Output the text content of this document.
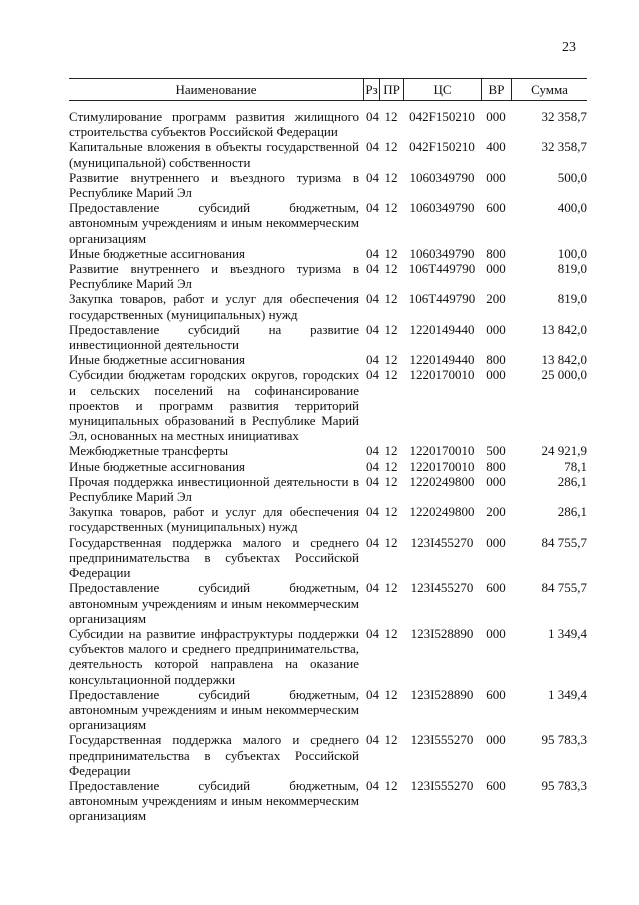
23
Наименование	Рз ПР	ЦС	ВР	Сумма
Стимулирование программ развития жилищного строительства субъектов Российской Федерации
04 12 042F150210 000	32 358,7
Капитальные вложения в объекты государственной (муниципальной) собственности
04 12 042F150210 400	32 358,7
Развитие внутреннего и въездного туризма в Республике Марий Эл
04 12 1060349790 000	500,0
Предоставление субсидий бюджетным, автономным учреждениям и иным некоммерческим организациям
04 12 1060349790 600	400,0
Иные бюджетные ассигнования	04 12 1060349790 800	100,0
Развитие внутреннего и въездного туризма в Республике Марий Эл
04 12 106Т449790 000	819,0
Закупка товаров, работ и услуг для обеспечения государственных (муниципальных) нужд
04 12 106Т449790 200	819,0
Предоставление субсидий на развитие инвестиционной деятельности
04 12 1220149440 000	13 842,0
Иные бюджетные ассигнования	04 12 1220149440 800	13 842,0
Субсидии бюджетам городских округов, городских и сельских поселений на софинансирование проектов и программ развития территорий муниципальных образований в Республике Марий Эл, основанных на местных инициативах
04 12 1220170010 000	25 000,0
Межбюджетные трансферты	04 12 1220170010 500	24 921,9
Иные бюджетные ассигнования	04 12 1220170010 800	78,1
Прочая поддержка инвестиционной деятельности в Республике Марий Эл
04 12 1220249800 000	286,1
Закупка товаров, работ и услуг для обеспечения государственных (муниципальных) нужд
04 12 1220249800 200	286,1
Государственная поддержка малого и среднего предпринимательства в субъектах Российской Федерации
04 12	123I455270 000	84 755,7
Предоставление субсидий бюджетным, автономным учреждениям и иным некоммерческим организациям
04 12	123I455270 600	84 755,7
Субсидии на развитие инфраструктуры поддержки субъектов малого и среднего предпринимательства, деятельность которой направлена на оказание консультационной поддержки
04 12	123I528890 000	1 349,4
Предоставление субсидий бюджетным, автономным учреждениям и иным некоммерческим организациям
04 12	123I528890 600	1 349,4
Государственная поддержка малого и среднего предпринимательства в субъектах Российской Федерации
04 12	123I555270 000	95 783,3
Предоставление субсидий бюджетным, автономным учреждениям и иным некоммерческим организациям
04 12	123I555270 600	95 783,3
